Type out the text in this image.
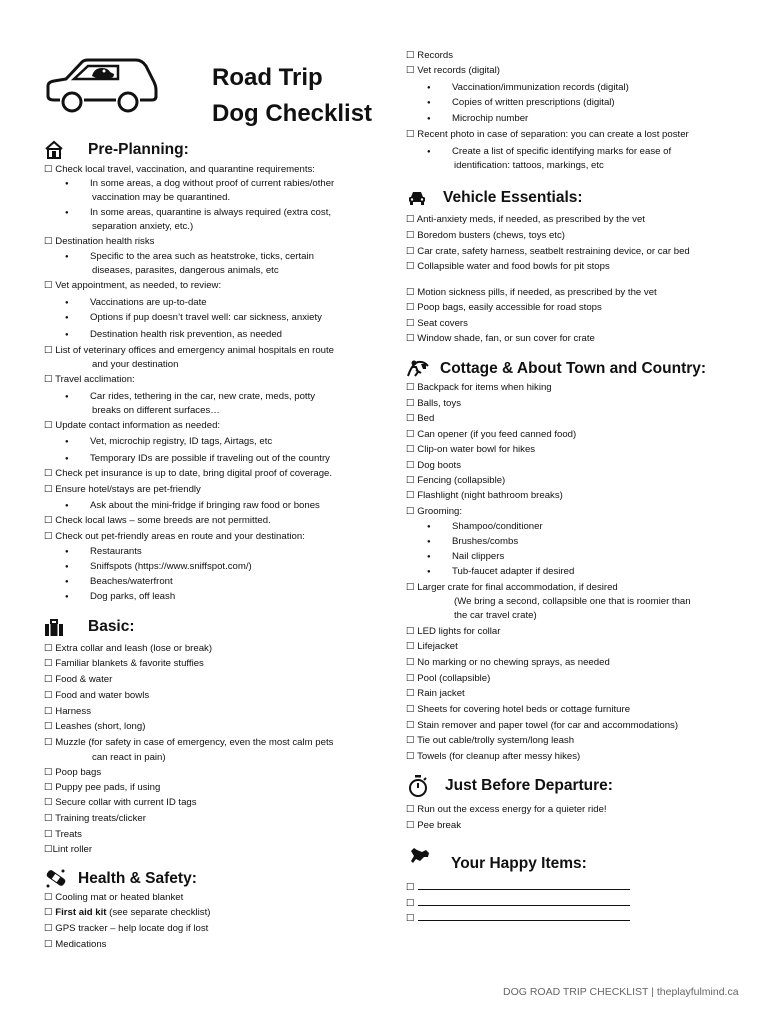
Road Trip
Dog Checklist
Pre-Planning:
☐ Check local travel, vaccination, and quarantine requirements:
● In some areas, a dog without proof of current rabies/other
vaccination may be quarantined.
● In some areas, quarantine is always required (extra cost,
separation anxiety, etc.)
☐ Destination health risks
● Specific to the area such as heatstroke, ticks, certain
diseases, parasites, dangerous animals, etc
☐ Vet appointment, as needed, to review:
● Vaccinations are up-to-date
● Options if pup doesn’t travel well: car sickness, anxiety
● Destination health risk prevention, as needed
☐ List of veterinary offices and emergency animal hospitals en route
and your destination
☐ Travel acclimation:
● Car rides, tethering in the car, new crate, meds, potty
breaks on different surfaces…
☐ Update contact information as needed:
● Vet, microchip registry, ID tags, Airtags, etc
● Temporary IDs are possible if traveling out of the country
☐ Check pet insurance is up to date, bring digital proof of coverage.
☐ Ensure hotel/stays are pet-friendly
● Ask about the mini-fridge if bringing raw food or bones
☐ Check local laws – some breeds are not permitted.
☐ Check out pet-friendly areas en route and your destination:
● Restaurants
● Sniffspots (https://www.sniffspot.com/)
● Beaches/waterfront
● Dog parks, off leash
Basic:
☐ Extra collar and leash (lose or break)
☐ Familiar blankets & favorite stuffies
☐ Food & water
☐ Food and water bowls
☐ Harness
☐ Leashes (short, long)
☐ Muzzle (for safety in case of emergency, even the most calm pets
can react in pain)
☐ Poop bags
☐ Puppy pee pads, if using
☐ Secure collar with current ID tags
☐ Training treats/clicker
☐ Treats
☐Lint roller
Health & Safety:
☐ Cooling mat or heated blanket
☐ First aid kit (see separate checklist)
☐ GPS tracker – help locate dog if lost
☐ Medications
☐ Records
☐ Vet records (digital)
● Vaccination/immunization records (digital)
● Copies of written prescriptions (digital)
● Microchip number
☐ Recent photo in case of separation: you can create a lost poster
● Create a list of specific identifying marks for ease of
identification: tattoos, markings, etc
Vehicle Essentials:
☐ Anti-anxiety meds, if needed, as prescribed by the vet
☐ Boredom busters (chews, toys etc)
☐ Car crate, safety harness, seatbelt restraining device, or car bed
☐ Collapsible water and food bowls for pit stops
☐ Motion sickness pills, if needed, as prescribed by the vet
☐ Poop bags, easily accessible for road stops
☐ Seat covers
☐ Window shade, fan, or sun cover for crate
Cottage & About Town and Country:
☐ Backpack for items when hiking
☐ Balls, toys
☐ Bed
☐ Can opener (if you feed canned food)
☐ Clip-on water bowl for hikes
☐ Dog boots
☐ Fencing (collapsible)
☐ Flashlight (night bathroom breaks)
☐ Grooming:
● Shampoo/conditioner
● Brushes/combs
● Nail clippers
● Tub-faucet adapter if desired
☐ Larger crate for final accommodation, if desired
(We bring a second, collapsible one that is roomier than
the car travel crate)
☐ LED lights for collar
☐ Lifejacket
☐ No marking or no chewing sprays, as needed
☐ Pool (collapsible)
☐ Rain jacket
☐ Sheets for covering hotel beds or cottage furniture
☐ Stain remover and paper towel (for car and accommodations)
☐ Tie out cable/trolly system/long leash
☐ Towels (for cleanup after messy hikes)
Just Before Departure:
☐ Run out the excess energy for a quieter ride!
☐ Pee break
Your Happy Items:
☐
☐
☐
DOG ROAD TRIP CHECKLIST | theplayfulmind.ca
